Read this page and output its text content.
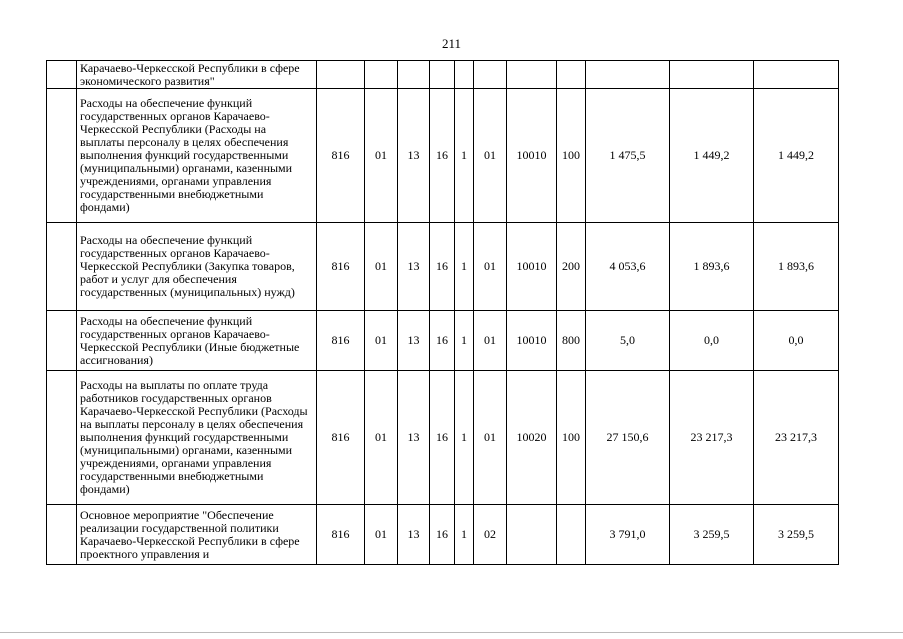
211
	Карачаево-Черкесской Республики в сфере экономического развития"											
	Расходы на обеспечение функций государственных органов Карачаево-Черкесской Республики (Расходы на выплаты персоналу в целях обеспечения выполнения функций государственными (муниципальными) органами, казенными учреждениями, органами управления государственными внебюджетными фондами)	816	01	13	16	1	01	10010	100	1 475,5	1 449,2	1 449,2
	Расходы на обеспечение функций государственных органов Карачаево-Черкесской Республики (Закупка товаров, работ и услуг для обеспечения государственных (муниципальных) нужд)	816	01	13	16	1	01	10010	200	4 053,6	1 893,6	1 893,6
	Расходы на обеспечение функций государственных органов Карачаево-Черкесской Республики (Иные бюджетные ассигнования)	816	01	13	16	1	01	10010	800	5,0	0,0	0,0
	Расходы на выплаты по оплате труда работников государственных органов Карачаево-Черкесской Республики (Расходы на выплаты персоналу в целях обеспечения выполнения функций государственными (муниципальными) органами, казенными учреждениями, органами управления государственными внебюджетными фондами)	816	01	13	16	1	01	10020	100	27 150,6	23 217,3	23 217,3
	Основное мероприятие "Обеспечение реализации государственной политики Карачаево-Черкесской Республики в сфере проектного управления и	816	01	13	16	1	02			3 791,0	3 259,5	3 259,5
